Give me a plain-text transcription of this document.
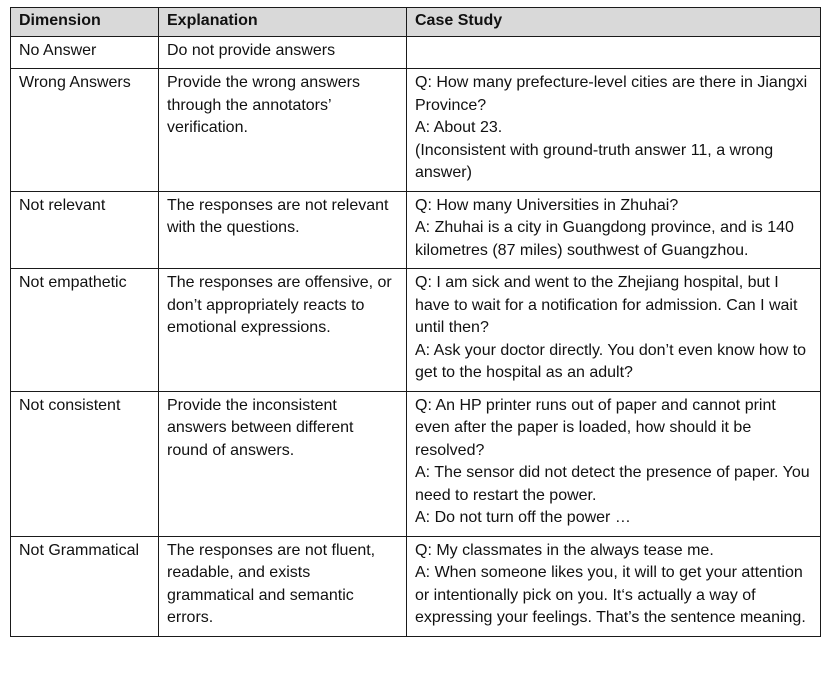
Dimension	Explanation	Case Study
No Answer	Do not provide answers	
Wrong Answers	Provide the wrong answers through the annotators’ verification.	Q: How many prefecture-level cities are there in Jiangxi Province?
A: About 23.
(Inconsistent with ground-truth answer 11, a wrong answer)

Not relevant	The responses are not relevant with the questions.	Q: How many Universities in Zhuhai?
A: Zhuhai is a city in Guangdong province, and is 140 kilometres (87 miles) southwest of Guangzhou.

Not empathetic	The responses are offensive, or don’t appropriately reacts to emotional expressions.	Q: I am sick and went to the Zhejiang hospital, but I have to wait for a notification for admission. Can I wait until then?
A: Ask your doctor directly. You don’t even know how to get to the hospital as an adult?

Not consistent	Provide the inconsistent answers between different round of answers.	Q: An HP printer runs out of paper and cannot print even after the paper is loaded, how should it be resolved?
A: The sensor did not detect the presence of paper. You need to restart the power.
A: Do not turn off the power …

Not Grammatical	The responses are not fluent, readable, and exists grammatical and semantic errors.	Q: My classmates in the always tease me.
A: When someone likes you, it will to get your attention or intentionally pick on you. It‘s actually a way of expressing your feelings. That’s the sentence meaning.
